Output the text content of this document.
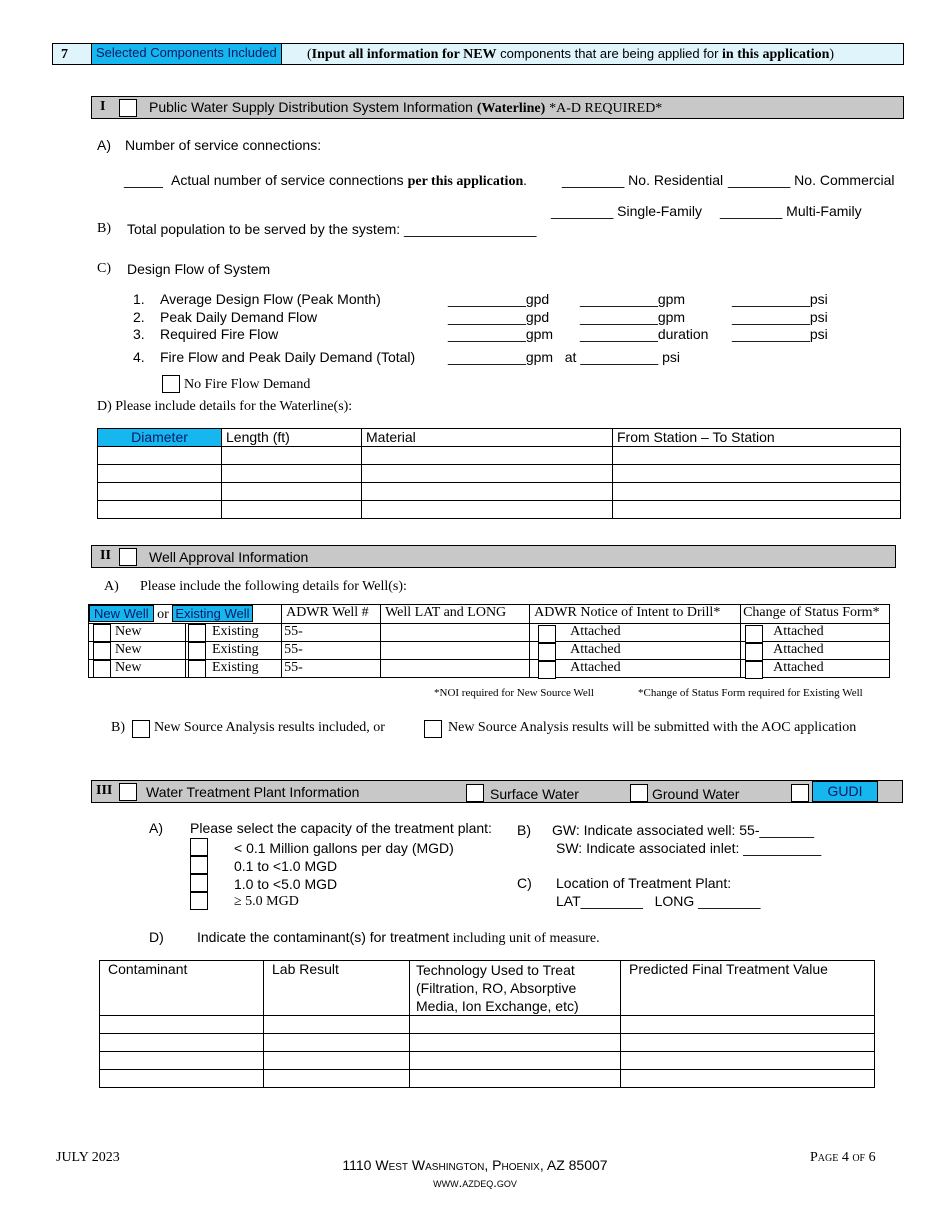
7	Selected Components Included	(Input all information for NEW components that are being applied for in this application)
I	Public Water Supply Distribution System Information (Waterline) *A-D REQUIRED*
A) Number of service connections:
_____ Actual number of service connections per this application.	________ No. Residential ________ No. Commercial
________ Single-Family ________ Multi-Family
B) Total population to be served by the system: _________________
C) Design Flow of System
1. Average Design Flow (Peak Month)	__________gpd __________gpm	__________psi
2. Peak Daily Demand Flow	__________gpd __________gpm	__________psi
3. Required Fire Flow	__________gpm __________duration __________psi
4. Fire Flow and Peak Daily Demand (Total) __________gpm   at __________ psi
No Fire Flow Demand
D) Please include details for the Waterline(s):
Diameter	Length (ft)	Material	From Station – To Station

II	Well Approval Information
A) Please include the following details for Well(s):
New Well or Existing Well		ADWR Well #	Well LAT and LONG	ADWR Notice of Intent to Drill*	Change of Status Form*

New	Existing	55-		Attached	Attached

New	Existing	55-		Attached	Attached

New	Existing	55-		Attached	Attached
*NOI required for New Source Well	*Change of Status Form required for Existing Well
B) New Source Analysis results included, or	New Source Analysis results will be submitted with the AOC application
III Water Treatment Plant Information	Surface Water	Ground Water	GUDI
A) Please select the capacity of the treatment plant:
< 0.1 Million gallons per day (MGD)
0.1 to <1.0 MGD
1.0 to <5.0 MGD
≥ 5.0 MGD
B) GW: Indicate associated well: 55-_______
SW: Indicate associated inlet: __________
C) Location of Treatment Plant:
LAT________   LONG ________
D) Indicate the contaminant(s) for treatment including unit of measure.
Contaminant	Lab Result	Technology Used to Treat (Filtration, RO, Absorptive Media, Ion Exchange, etc)	Predicted Final Treatment Value

JULY 2023	1110 West Washington, Phoenix, AZ 85007
www.azdeq.gov
Page 4 of 6
